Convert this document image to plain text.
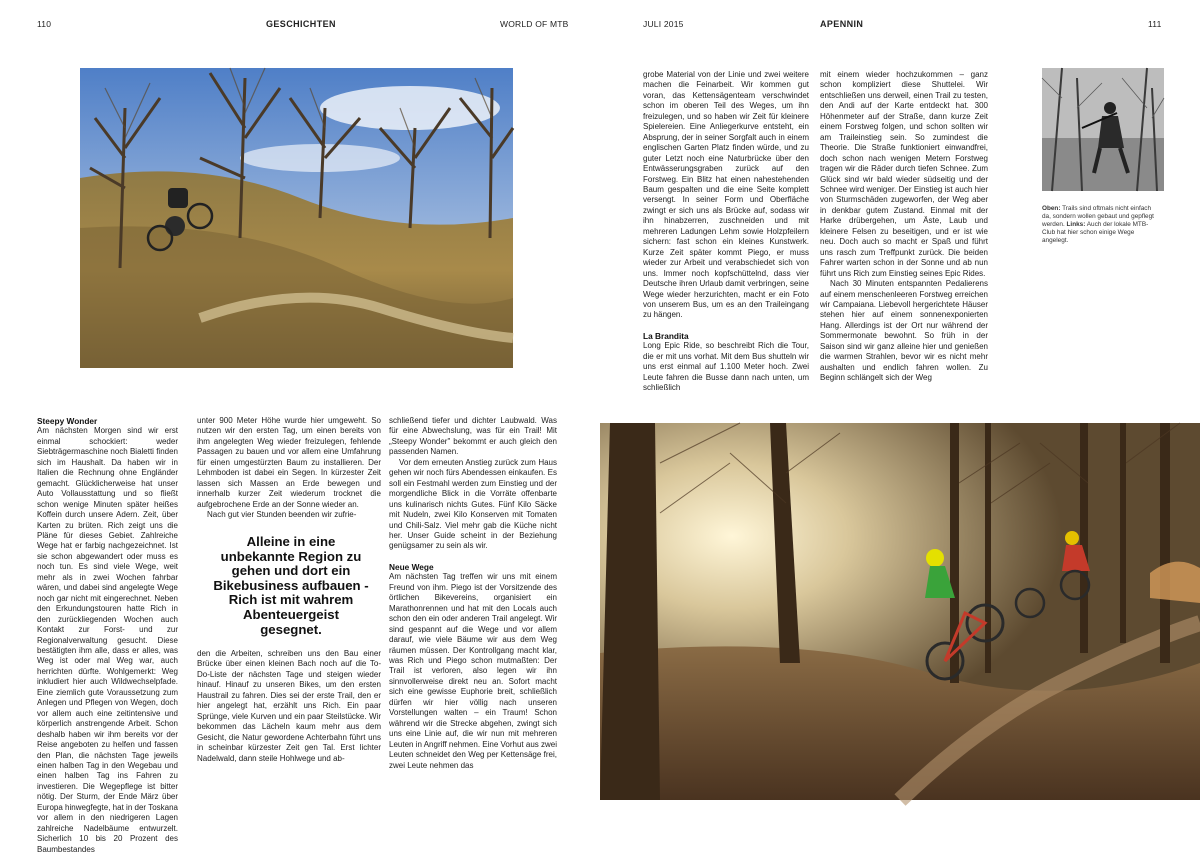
110	GESCHICHTEN	WORLD OF MTB	JULI 2015	APENNIN	111
Oben: Trails sind oftmals nicht einfach da, sondern wollen gebaut und gepflegt werden. Links: Auch der lokale MTB-Club hat hier schon einige Wege angelegt.
Steepy Wonder

Am nächsten Morgen sind wir erst einmal schockiert: weder Siebträgermaschine noch Bialetti finden sich im Haushalt. Da haben wir in Italien die Rechnung ohne Engländer gemacht. Glücklicherweise hat unser Auto Vollausstattung und so fließt schon wenige Minuten später heißes Koffein durch unsere Adern. Zeit, über Karten zu brüten. Rich zeigt uns die Pläne für dieses Gebiet. Zahlreiche Wege hat er farbig nachgezeichnet. Ist sie schon abgewandert oder muss es noch tun. Es sind viele Wege, weit mehr als in zwei Wochen fahrbar wären, und dabei sind angelegte Wege noch gar nicht mit eingerechnet. Neben den Erkundungstouren hatte Rich in den zurückliegenden Wochen auch Kontakt zur Forst- und zur Regionalverwaltung gesucht. Diese bestätigten ihm alle, dass er alles, was Weg ist oder mal Weg war, auch herrichten dürfte. Wohlgemerkt: Weg inkludiert hier auch Wildwechselpfade. Eine ziemlich gute Voraussetzung zum Anlegen und Pflegen von Wegen, doch vor allem auch eine zeitintensive und körperlich anstrengende Arbeit. Schon deshalb haben wir ihm bereits vor der Reise angeboten zu helfen und fassen den Plan, die nächsten Tage jeweils einen halben Tag in den Wegebau und einen halben Tag ins Fahren zu investieren. Die Wegepflege ist bitter nötig. Der Sturm, der Ende März über Europa hinwegfegte, hat in der Toskana vor allem in den niedrigeren Lagen zahlreiche Nadelbäume entwurzelt. Sicherlich 10 bis 20 Prozent des Baumbestandes

unter 900 Meter Höhe wurde hier umgeweht. So nutzen wir den ersten Tag, um einen bereits von ihm angelegten Weg wieder freizulegen, fehlende Passagen zu bauen und vor allem eine Umfahrung für einen umgestürzten Baum zu installieren. Der Lehmboden ist dabei ein Segen. In kürzester Zeit lassen sich Massen an Erde bewegen und innerhalb kurzer Zeit wiederum trocknet die aufgebrochene Erde an der Sonne wieder an.

Nach gut vier Stunden beenden wir zufrie-

Alleine in eine unbekannte Region zu gehen und dort ein Bikebusiness aufbauen - Rich ist mit wahrem Abenteuergeist gesegnet.

den die Arbeiten, schreiben uns den Bau einer Brücke über einen kleinen Bach noch auf die To-Do-Liste der nächsten Tage und steigen wieder hinauf. Hinauf zu unseren Bikes, um den ersten Haustrail zu fahren. Dies sei der erste Trail, den er hier angelegt hat, erzählt uns Rich. Ein paar Sprünge, viele Kurven und ein paar Steilstücke. Wir bekommen das Lächeln kaum mehr aus dem Gesicht, die Natur gewordene Achterbahn führt uns in scheinbar kürzester Zeit gen Tal. Erst lichter Nadelwald, dann steile Hohlwege und ab-

schließend tiefer und dichter Laubwald. Was für eine Abwechslung, was für ein Trail! Mit „Steepy Wonder" bekommt er auch gleich den passenden Namen.

Vor dem erneuten Anstieg zurück zum Haus gehen wir noch fürs Abendessen einkaufen. Es soll ein Festmahl werden zum Einstieg und der morgendliche Blick in die Vorräte offenbarte uns kulinarisch nichts Gutes. Fünf Kilo Säcke mit Nudeln, zwei Kilo Konserven mit Tomaten und Chili-Salz. Viel mehr gab die Küche nicht her. Unser Guide scheint in der Beziehung genügsamer zu sein als wir.

Neue Wege

Am nächsten Tag treffen wir uns mit einem Freund von ihm. Piego ist der Vorsitzende des örtlichen Bikevereins, organisiert ein Marathonrennen und hat mit den Locals auch schon den ein oder anderen Trail angelegt. Wir sind gespannt auf die Wege und vor allem darauf, wie viele Bäume wir aus dem Weg räumen müssen. Der Kontrollgang macht klar, was Rich und Piego schon mutmaßten: Der Trail ist verloren, also legen wir ihn sinnvollerweise direkt neu an. Sofort macht sich eine gewisse Euphorie breit, schließlich dürfen wir hier völlig nach unseren Vorstellungen walten – ein Traum! Schon während wir die Strecke abgehen, zwingt sich uns eine Linie auf, die wir nun mit mehreren Leuten in Angriff nehmen. Eine Vorhut aus zwei Leuten schneidet den Weg per Kettensäge frei, zwei Leute nehmen das

grobe Material von der Linie und zwei weitere machen die Feinarbeit. Wir kommen gut voran, das Kettensägenteam verschwindet schon im oberen Teil des Weges, um ihn freizulegen, und so haben wir Zeit für kleinere Spielereien. Eine Anliegerkurve entsteht, ein Absprung, der in seiner Sorgfalt auch in einem englischen Garten Platz finden würde, und zu guter Letzt noch eine Naturbrücke über den Entwässerungsgraben zurück auf den Forstweg. Ein Blitz hat einen nahestehenden Baum gespalten und die eine Seite komplett versengt. In seiner Form und Oberfläche zwingt er sich uns als Brücke auf, sodass wir ihn hinabzerren, zuschneiden und mit mehreren Ladungen Lehm sowie Holzpfeilern sichern: fast schon ein kleines Kunstwerk. Kurze Zeit später kommt Piego, er muss wieder zur Arbeit und verabschiedet sich von uns. Immer noch kopfschüttelnd, dass vier Deutsche ihren Urlaub damit verbringen, seine Wege wieder herzurichten, macht er ein Foto von unserem Bus, um es an den Traileingang zu hängen.

La Brandita

Long Epic Ride, so beschreibt Rich die Tour, die er mit uns vorhat. Mit dem Bus shutteln wir uns erst einmal auf 1.100 Meter hoch. Zwei Leute fahren die Busse dann nach unten, um schließlich

mit einem wieder hochzukommen – ganz schon kompliziert diese Shuttelei. Wir entschließen uns derweil, einen Trail zu testen, den Andi auf der Karte entdeckt hat. 300 Höhenmeter auf der Straße, dann kurze Zeit einem Forstweg folgen, und schon sollten wir am Traileinstieg sein. So zumindest die Theorie. Die Straße funktioniert einwandfrei, doch schon nach wenigen Metern Forstweg tragen wir die Räder durch tiefen Schnee. Zum Glück sind wir bald wieder südseitig und der Schnee wird weniger. Der Einstieg ist auch hier von Sturmschäden zugeworfen, der Weg aber in denkbar gutem Zustand. Einmal mit der Harke drübergehen, um Äste, Laub und kleinere Felsen zu beseitigen, und er ist wie neu. Doch auch so macht er Spaß und führt uns rasch zum Treffpunkt zurück. Die beiden Fahrer warten schon in der Sonne und ab nun führt uns Rich zum Einstieg seines Epic Rides.

Nach 30 Minuten entspannten Pedalierens auf einem menschenleeren Forstweg erreichen wir Campaiana. Liebevoll hergerichtete Häuser stehen hier auf einem sonnenexponierten Hang. Allerdings ist der Ort nur während der Sommermonate bewohnt. So früh in der Saison sind wir ganz alleine hier und genießen die warmen Strahlen, bevor wir es nicht mehr aushalten und endlich fahren wollen. Zu Beginn schlängelt sich der Weg
